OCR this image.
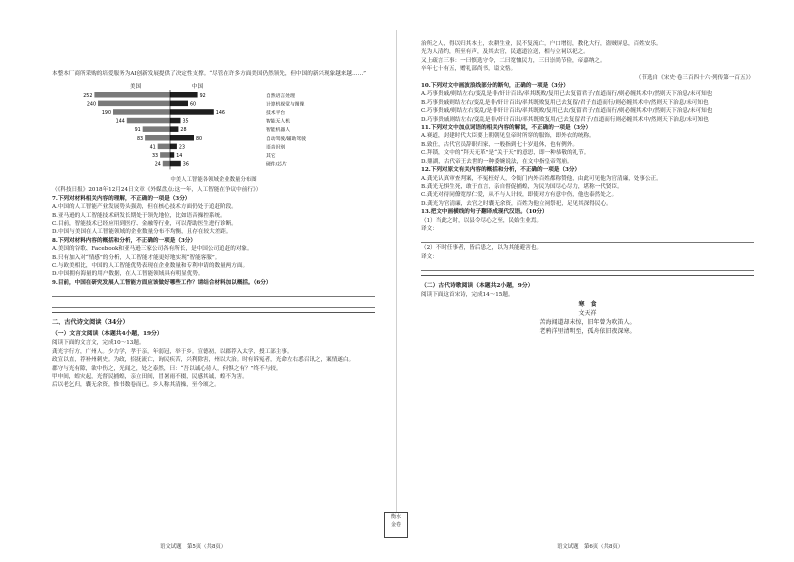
本整本厂商所采购的培爱服务为AI创新发展提供了决定性支撑。“尽管在许多方面美国仍然领先，但中国的新兴现象越来越……”

美国	中国
252	92	自然语言处理
240	60	计算机视觉与图像
190	146	技术平台
144	35	智能无人机
91	28	智能机器人
83	80	自动驾驶/辅助驾驶
41	23	语音识别
33	14	其它
24	36	硬件/芯片

中美人工智能各领域企业数量分布图

（《科技日报》2018年12月24日文章《外媒盘点:这一年，人工智能在争议中前行》）

7.下列对材料相关内容的理解，不正确的一项是（3分）

A.中国的人工智能产业发展势头强劲，但在核心技术方面仍处于追赶阶段。

B.亚马逊的人工智能技术研发长期处于领先地位，比如语音操控系统。

C.目前，智能技术已经应用到医疗、金融等行业，可以帮助医生进行诊断。

D.中国与美国在人工智能领域的企业数量分布不均衡，且存在较大差距。

8.下列对材料内容的概括和分析，不正确的一项是（3分）

A.美国的谷歌、Facebook和亚马逊三家公司各有所长，是中国公司追赶的对象。

B.只有加入对“情感”的分析，人工智能才能更好地实现“智能客服”。

C.与欧美相比，中国的人工智能优势表现在企业数量和专利申请的数量两方面。

D.中国拥有海量的用户数据，在人工智能领域具有明显优势。

9.目前，中国在研究发展人工智能方面应该做好哪些工作？请结合材料加以概括。（6分）

二、古代诗文阅读（34分）

（一）文言文阅读（本题共4小题，19分）

阅读下面的文言文，完成10～13题。

龚光字行方，广州人。少力学，孝于亲，年弱冠，举于乡。宣德初，以郡荐入太学，授工部主事。

政宣以直，荐补州刺史。为政，招抚流亡，询民疾苦，兴利除害，州以大治。时有诉冤者，光命左右悉召讯之，案情遂白。

郡守与光有隙，欲中伤之，光闻之，处之泰然，曰：“吾以诚心待人，何惧之有？”终不与较。

甲申间，蝗灾起，光督民捕蝗，亲立田间，冒暑雨不辍，民感其诚，蝗不为害。

后以老乞归，囊无余资，惟书数卷而已。乡人称其清操，至今颂之。

语文试题　第5页（共8页）

治所之人，得以归其本土，农耕生业，民不复流亡，户口增衍，教化大行，盗贼屏息，百姓安乐。

光为人清约，所至有声，及其去官，民遮道泣送，相与立祠以祀之。

又上疏言三事：一曰慎选守令，二曰宽恤民力，三曰崇尚节俭，帝嘉纳之。

卒年七十有五，赠礼部尚书，谥文恪。

（节选自《宋史·卷三百四十六·列传第一百五》）

10.下列对文中画波浪线部分的断句，正确的一项是（3分）

A.巧事贵戚/则结左右/变乱是非/奸计百出/率其既败/复用已去复留君子/直道而行/则必缠其术中/然则天下治息/未可知也

B.巧事贵戚则结左右/变乱是非/奸计百出/率其既败复用已去复留/君子直道而行/则必缠其术中/然则天下治息/未可知也

C.巧事贵戚/则结左右变乱/是非奸计百出/率其既败/复用已去/复留君子/直道而行/则必缠其术中/然则天下治息/未可知也

D.巧事贵戚则结左右/变乱是非/奸计百出/率其既败复用/已去复留君子/直道而行则必缠其术中/然则天下治息/未可知也

11.下列对文中加点词语的相关内容的解说，不正确的一项是（3分）

A.赛道，封建时代大臣要上朝朝见皇帝时所穿的服饰，即外衣的统称。

B.致仕，古代官员辞职归家，一般指到七十岁退休，也有例外。

C.拜锁，文中的“拜天无革”是“关于天”的意思，即一种恭敬的礼节。

D.鼎湖，古代帝王去世的一种委婉说法，在文中指皇帝驾崩。

12.下列对原文有关内容的概括和分析，不正确的一项是（3分）

A.龚光认真审查判案，不冤枉好人，令衙门内外百姓都称赞他，由此可见他为官清廉，处事公正。

B.龚光无惧生死，敢于直言，亲自督促捕蝗，为民为国尽心尽力，堪称一代贤臣。

C.龚光对待同僚宽厚仁爱，从不与人计较，即使对方有意中伤，他也泰然处之。

D.龚光为官清廉，去官之时囊无余资，百姓为他立祠祭祀，足见其深得民心。

13.把文中画横线的句子翻译成现代汉语。（10分）

（1）当此之时，以县令尽心之至，民始生业焉。

译文：

（2）不时任事者，皆后患之，以为其能避害也。

译文：

（二）古代诗歌阅读（本题共2小题，9分）

阅读下面这首宋诗，完成14～15题。

寒　食

文天祥

苦海闻道却未惊，旧年曾为吹笛人。

老鸦洋里清明至，孤舟依旧夜深寒。

语文试题　第6页（共8页）
衡水
金卷
